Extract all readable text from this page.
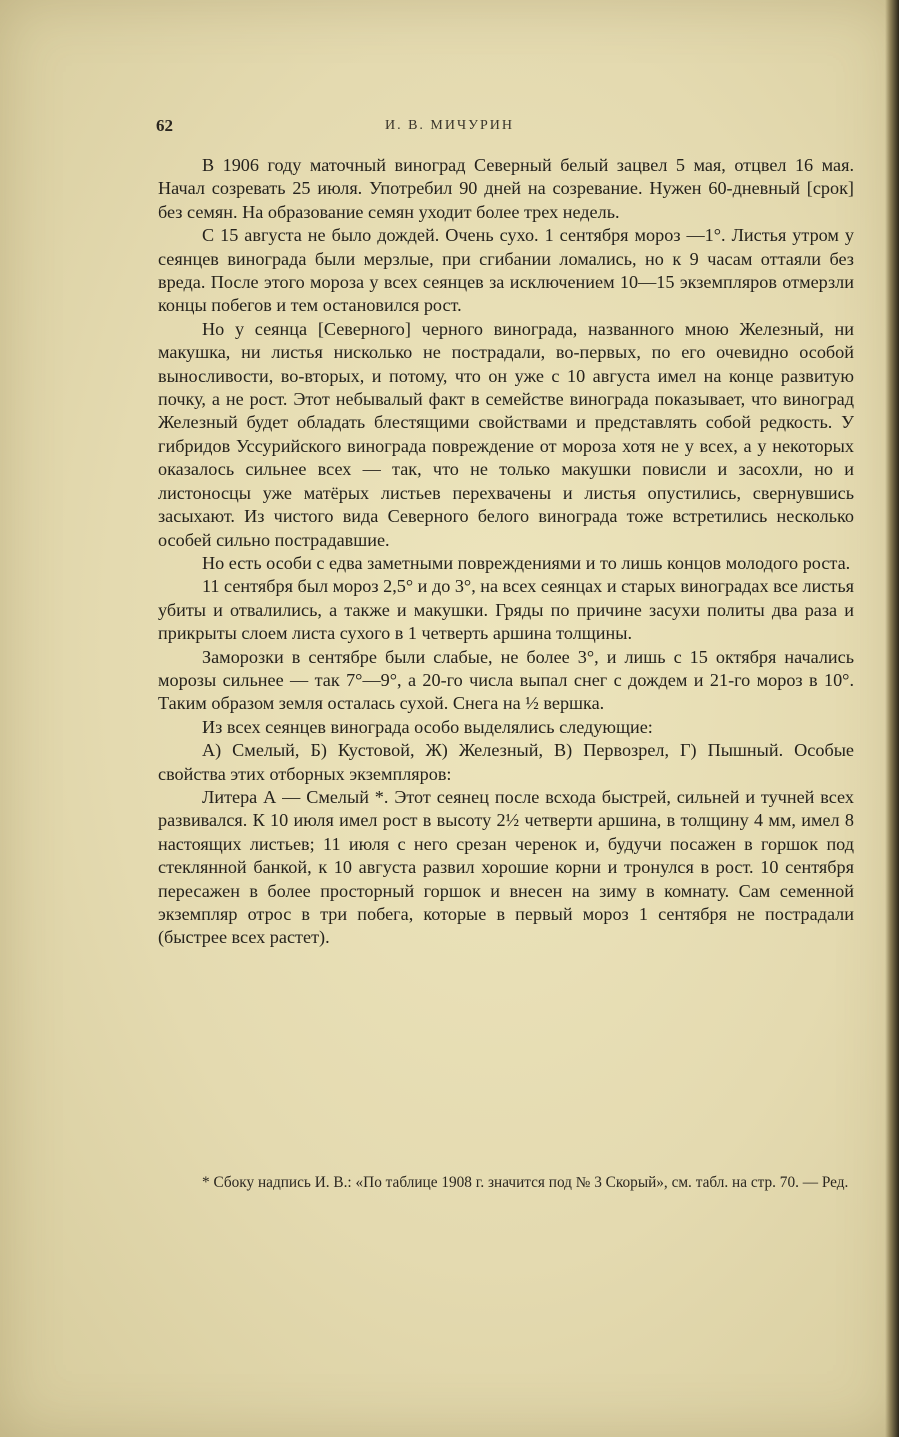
62	И. В. МИЧУРИН

В 1906 году маточный виноград Северный белый зацвел 5 мая, отцвел 16 мая. Начал созревать 25 июля. Употребил 90 дней на созревание. Нужен 60-дневный [срок] без семян. На образование семян уходит более трех недель.

С 15 августа не было дождей. Очень сухо. 1 сентября мороз —1°. Листья утром у сеянцев винограда были мерзлые, при сгибании ломались, но к 9 часам оттаяли без вреда. После этого мороза у всех сеянцев за исключением 10—15 экземпляров отмерзли концы побегов и тем остановился рост.

Но у сеянца [Северного] черного винограда, названного мною Железный, ни макушка, ни листья нисколько не пострадали, во-первых, по его очевидно особой выносливости, во-вторых, и потому, что он уже с 10 августа имел на конце развитую почку, а не рост. Этот небывалый факт в семействе винограда показывает, что виноград Железный будет обладать блестящими свойствами и представлять собой редкость. У гибридов Уссурийского винограда повреждение от мороза хотя не у всех, а у некоторых оказалось сильнее всех — так, что не только макушки повисли и засохли, но и листоносцы уже матёрых листьев перехвачены и листья опустились, свернувшись засыхают. Из чистого вида Северного белого винограда тоже встретились несколько особей сильно пострадавшие.

Но есть особи с едва заметными повреждениями и то лишь концов молодого роста.

11 сентября был мороз 2,5° и до 3°, на всех сеянцах и старых виноградах все листья убиты и отвалились, а также и макушки. Гряды по причине засухи политы два раза и прикрыты слоем листа сухого в 1 четверть аршина толщины.

Заморозки в сентябре были слабые, не более 3°, и лишь с 15 октября начались морозы сильнее — так 7°—9°, а 20-го числа выпал снег с дождем и 21-го мороз в 10°. Таким образом земля осталась сухой. Снега на ½ вершка.

Из всех сеянцев винограда особо выделялись следующие:

А) Смелый, Б) Кустовой, Ж) Железный, В) Первозрел, Г) Пышный. Особые свойства этих отборных экземпляров:

Литера А — Смелый *. Этот сеянец после всхода быстрей, сильней и тучней всех развивался. К 10 июля имел рост в высоту 2½ четверти аршина, в толщину 4 мм, имел 8 настоящих листьев; 11 июля с него срезан черенок и, будучи посажен в горшок под стеклянной банкой, к 10 августа развил хорошие корни и тронулся в рост. 10 сентября пересажен в более просторный горшок и внесен на зиму в комнату. Сам семенной экземпляр отрос в три побега, которые в первый мороз 1 сентября не пострадали (быстрее всех растет).

* Сбоку надпись И. В.: «По таблице 1908 г. значится под № 3 Скорый», см. табл. на стр. 70. — Ред.
